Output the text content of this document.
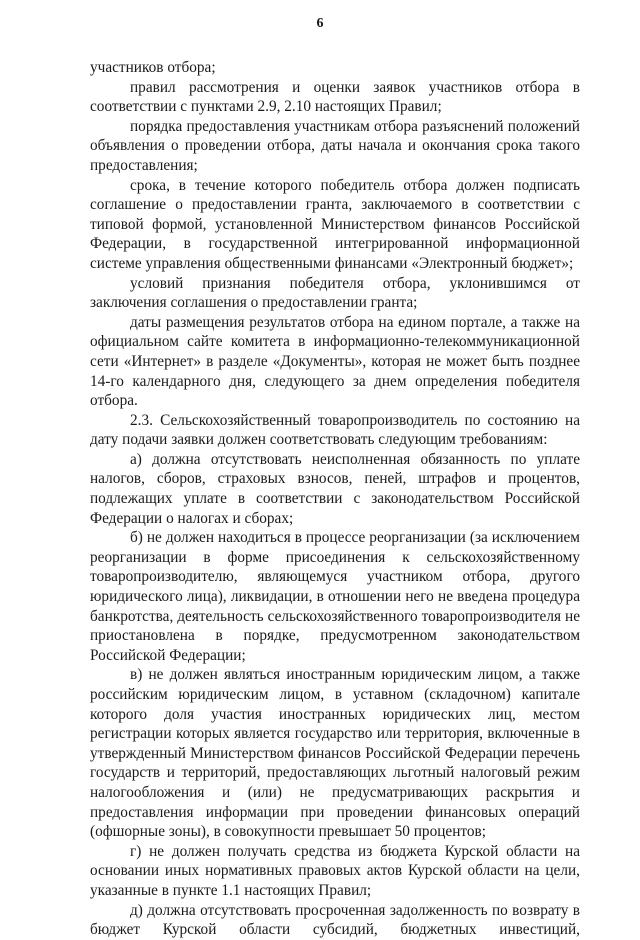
6

участников отбора;

правил рассмотрения и оценки заявок участников отбора в соответствии с пунктами 2.9, 2.10 настоящих Правил;

порядка предоставления участникам отбора разъяснений положений объявления о проведении отбора, даты начала и окончания срока такого предоставления;

срока, в течение которого победитель отбора должен подписать соглашение о предоставлении гранта, заключаемого в соответствии с типовой формой, установленной Министерством финансов Российской Федерации, в государственной интегрированной информационной системе управления общественными финансами «Электронный бюджет»;

условий признания победителя отбора, уклонившимся от заключения соглашения о предоставлении гранта;

даты размещения результатов отбора на едином портале, а также на официальном сайте комитета в информационно-телекоммуникационной сети «Интернет» в разделе «Документы», которая не может быть позднее 14-го календарного дня, следующего за днем определения победителя отбора.

2.3. Сельскохозяйственный товаропроизводитель по состоянию на дату подачи заявки должен соответствовать следующим требованиям:

а) должна отсутствовать неисполненная обязанность по уплате налогов, сборов, страховых взносов, пеней, штрафов и процентов, подлежащих уплате в соответствии с законодательством Российской Федерации о налогах и сборах;

б) не должен находиться в процессе реорганизации (за исключением реорганизации в форме присоединения к сельскохозяйственному товаропроизводителю, являющемуся участником отбора, другого юридического лица), ликвидации, в отношении него не введена процедура банкротства, деятельность сельскохозяйственного товаропроизводителя не приостановлена в порядке, предусмотренном законодательством Российской Федерации;

в) не должен являться иностранным юридическим лицом, а также российским юридическим лицом, в уставном (складочном) капитале которого доля участия иностранных юридических лиц, местом регистрации которых является государство или территория, включенные в утвержденный Министерством финансов Российской Федерации перечень государств и территорий, предоставляющих льготный налоговый режим налогообложения и (или) не предусматривающих раскрытия и предоставления информации при проведении финансовых операций (офшорные зоны), в совокупности превышает 50 процентов;

г) не должен получать средства из бюджета Курской области на основании иных нормативных правовых актов Курской области на цели, указанные в пункте 1.1 настоящих Правил;

д) должна отсутствовать просроченная задолженность по возврату в бюджет Курской области субсидий, бюджетных инвестиций,
